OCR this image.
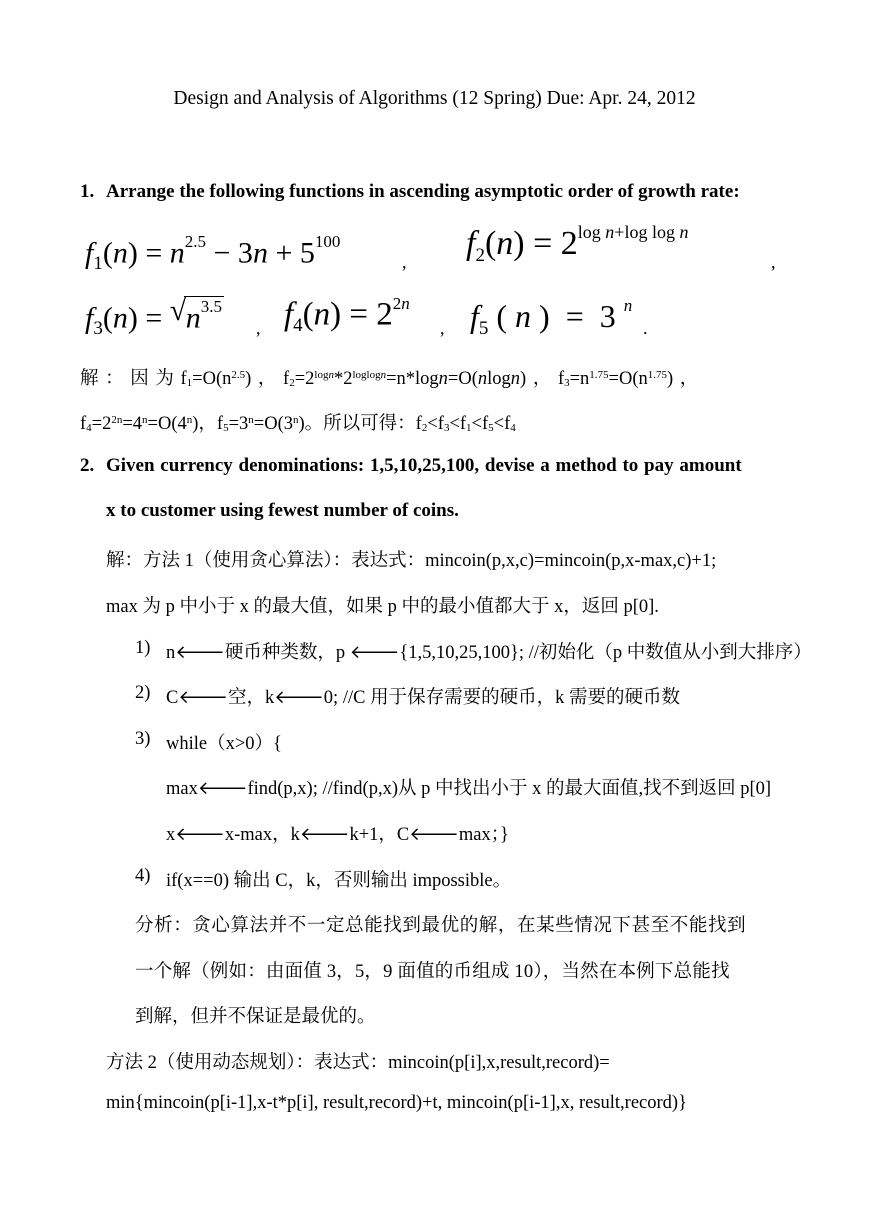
Design and Analysis of Algorithms (12 Spring) Due: Apr. 24, 2012
1. Arrange the following functions in ascending asymptotic order of growth rate:
$f_1(n) = n^{2.5} - 3n + 5^{100}$
, $f_2(n) = 2^{log n+log log n}$
,
$f_3(n)$ = √ $n^{3.5}$
, $f_4(n) = 2^{2n}$
, $f_5$ ( n )  =  3 $^n$
.
解 ： 因 为 $f1=O(n^{2.5})$ ， $f2=2^{logn}*2^{loglogn}=n*\log n=O(nlogn)$ ， $f3=n^{1.75}=O(n^{1.75})$ ，
$f4=2^{2n}=4^n=O(4^n)$，$f5=3^n=O(3^n)$。所以可得：f2<f3<f1<f5<f4
2. Given currency denominations: 1,5,10,25,100, devise a method to pay amount
x to customer using fewest number of coins.
解：方法 1（使用贪心算法）：表达式：mincoin(p,x,c)=mincoin(p,x-max,c)+1;
max 为 p 中小于 x 的最大值，如果 p 中的最小值都大于 x，返回 p[0].
1) n🡐硬币种类数，p 🡐{1,5,10,25,100}; //初始化（p 中数值从小到大排序）
2) C🡐空，k🡐0; //C 用于保存需要的硬币，k 需要的硬币数
3) while（x>0）{
max🡐find(p,x); //find(p,x)从 p 中找出小于 x 的最大面值,找不到返回 p[0]
x🡐x-max，k🡐k+1，C🡐max；}
4) if(x==0) 输出 C，k，否则输出 impossible。
分析：贪心算法并不一定总能找到最优的解，在某些情况下甚至不能找到
一个解（例如：由面值 3，5，9 面值的币组成 10），当然在本例下总能找
到解，但并不保证是最优的。
方法 2（使用动态规划）：表达式：mincoin(p[i],x,result,record)=
min{mincoin(p[i-1],x-t*p[i], result,record)+t, mincoin(p[i-1],x, result,record)}
